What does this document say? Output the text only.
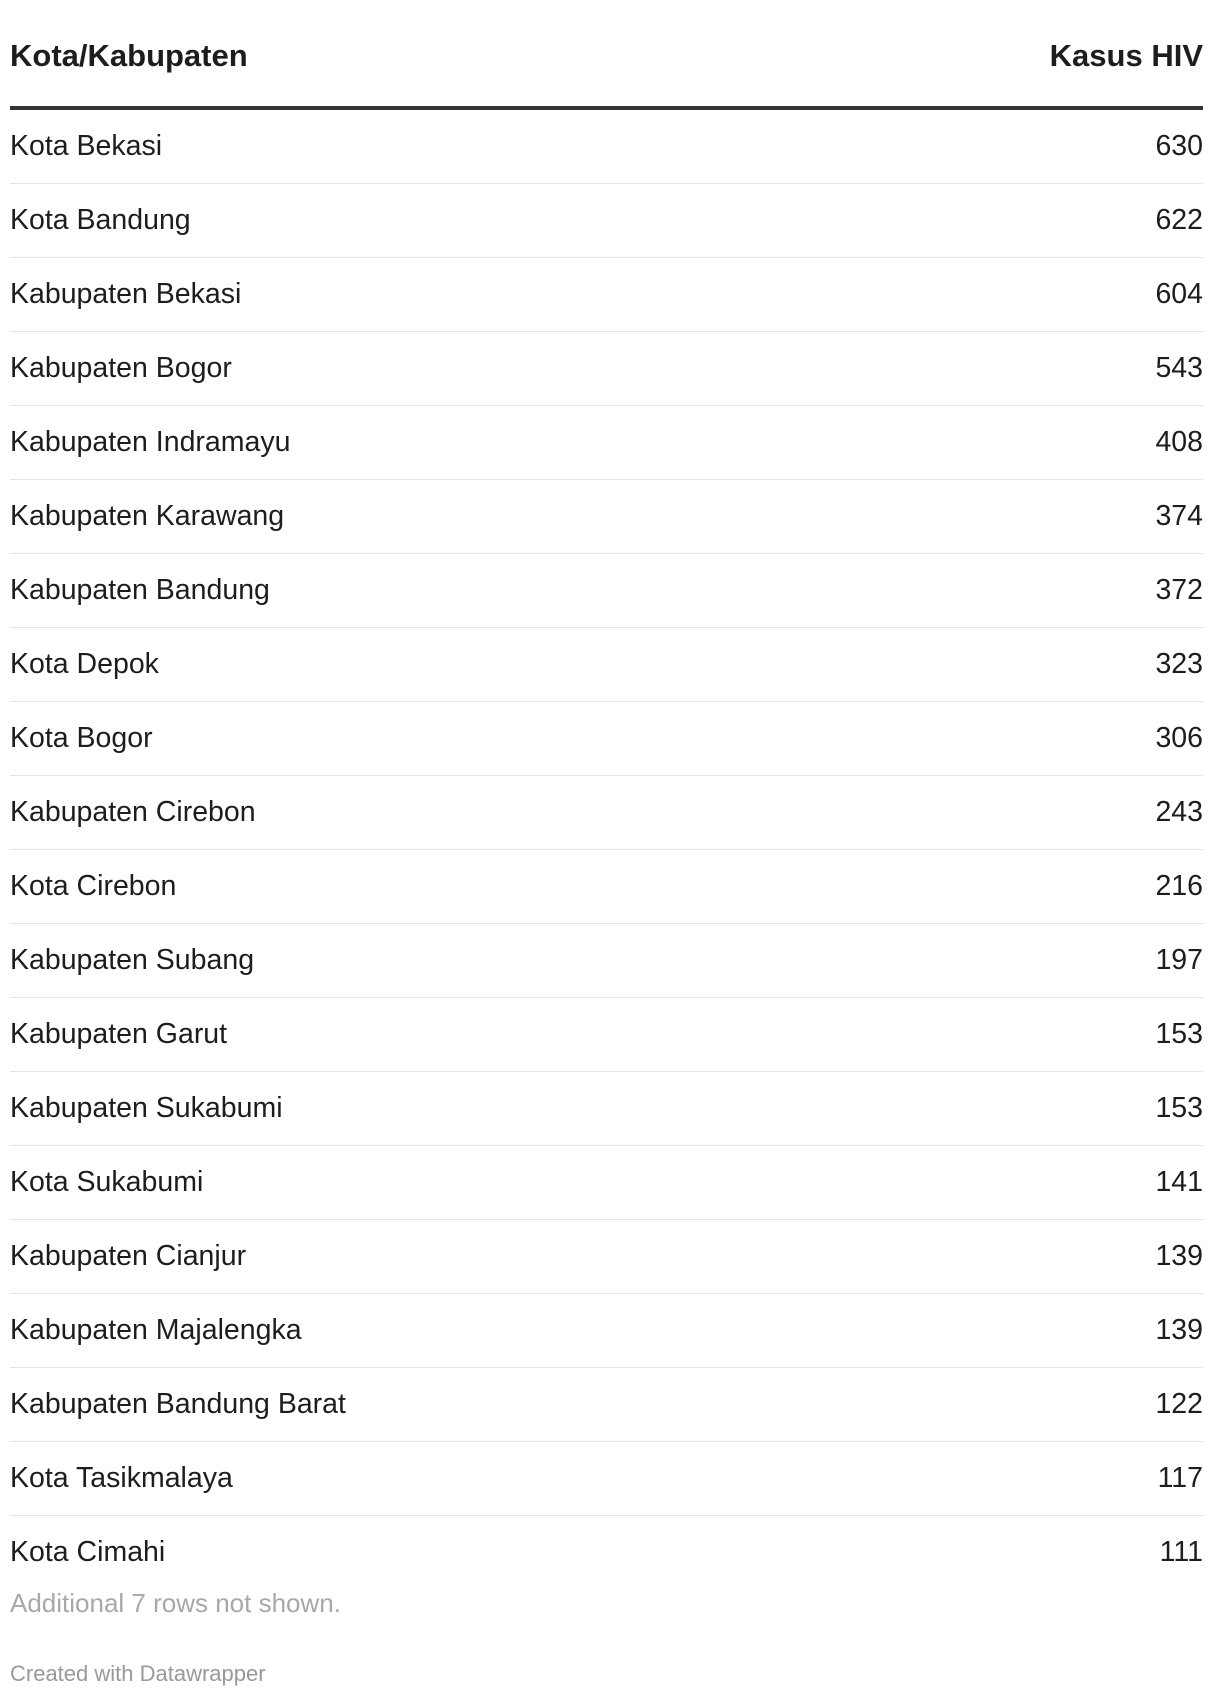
Kota/Kabupaten	Kasus HIV
Kota Bekasi	630
Kota Bandung	622
Kabupaten Bekasi	604
Kabupaten Bogor	543
Kabupaten Indramayu	408
Kabupaten Karawang	374
Kabupaten Bandung	372
Kota Depok	323
Kota Bogor	306
Kabupaten Cirebon	243
Kota Cirebon	216
Kabupaten Subang	197
Kabupaten Garut	153
Kabupaten Sukabumi	153
Kota Sukabumi	141
Kabupaten Cianjur	139
Kabupaten Majalengka	139
Kabupaten Bandung Barat	122
Kota Tasikmalaya	117
Kota Cimahi	111
Additional 7 rows not shown.
Created with Datawrapper
